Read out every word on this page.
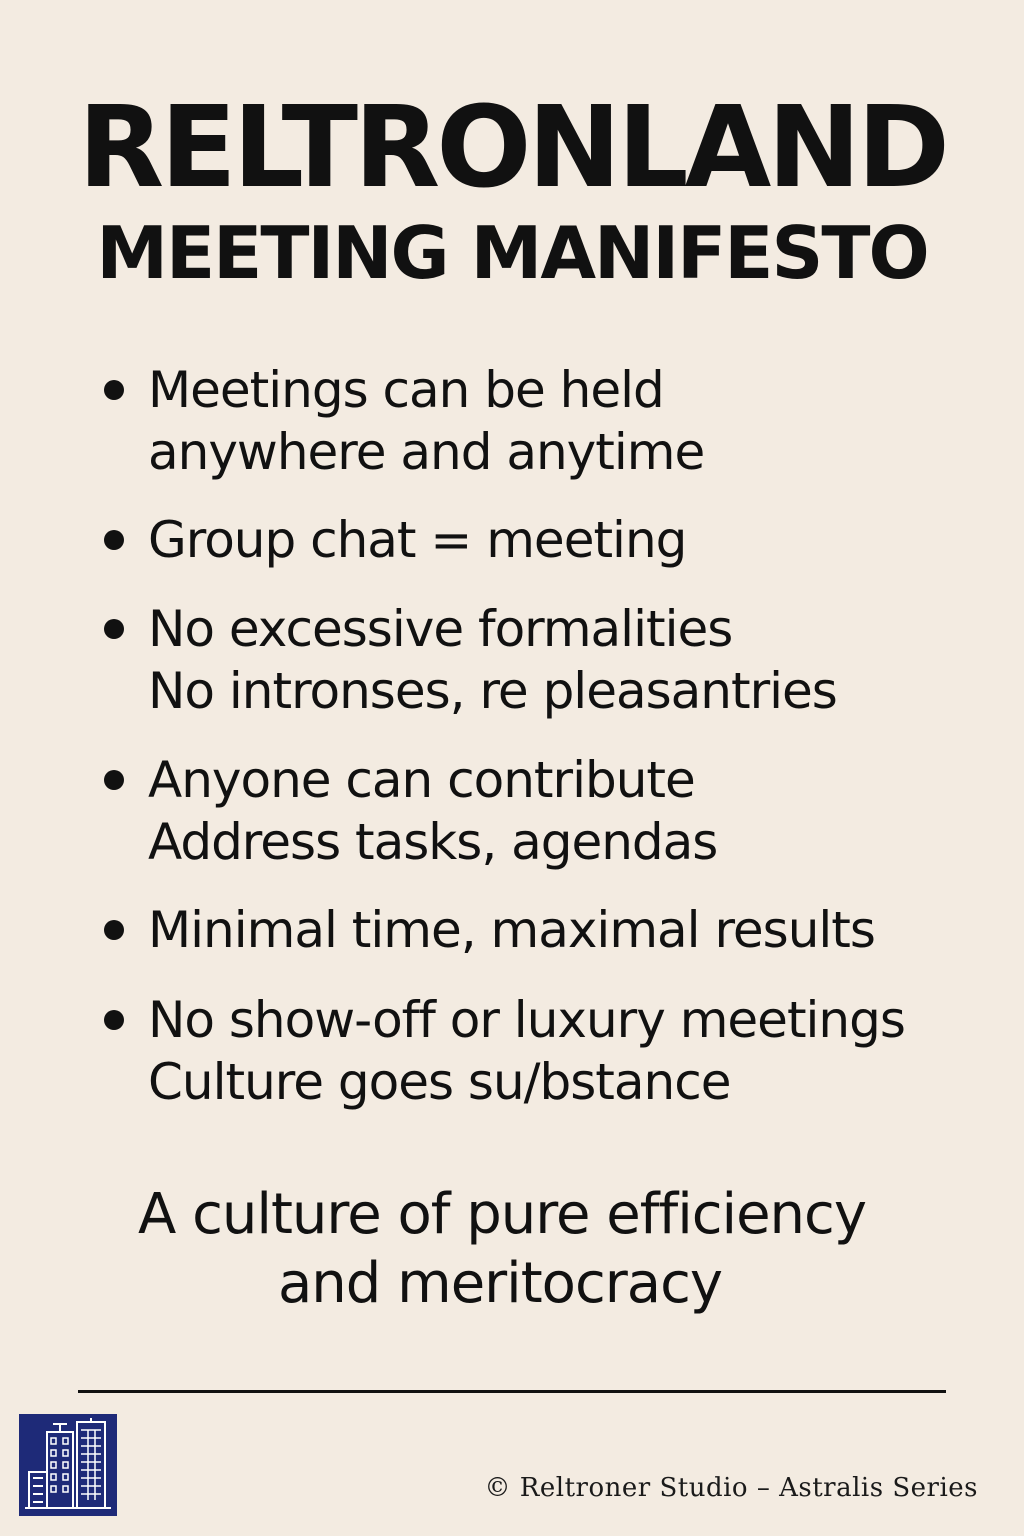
RELTRONLAND
MEETING MANIFESTO
Meetings can be held
anywhere and anytime
Group chat = meeting
No excessive formalities
No intronses, re pleasantries
Anyone can contribute
Address tasks, agendas
Minimal time, maximal results
No show-off or luxury meetings
Culture goes su/bstance

A culture of pure efficiency

and meritocracy

© Reltroner Studio – Astralis Series
